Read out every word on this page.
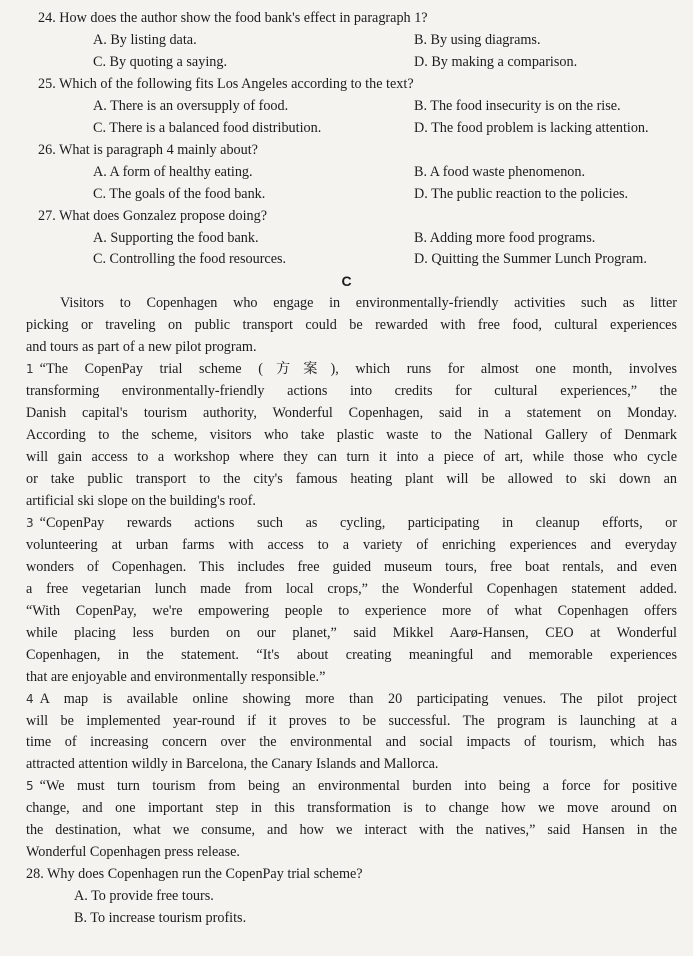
24. How does the author show the food bank's effect in paragraph 1?
A. By listing data.	B. By using diagrams.
C. By quoting a saying.	D. By making a comparison.
25. Which of the following fits Los Angeles according to the text?
A. There is an oversupply of food.	B. The food insecurity is on the rise.
C. There is a balanced food distribution.	D. The food problem is lacking attention.
26. What is paragraph 4 mainly about?
A. A form of healthy eating.	B. A food waste phenomenon.
C. The goals of the food bank.	D. The public reaction to the policies.
27. What does Gonzalez propose doing?
A. Supporting the food bank.	B. Adding more food programs.
C. Controlling the food resources.	D. Quitting the Summer Lunch Program.
C
Visitors to Copenhagen who engage in environmentally-friendly activities such as litter
picking or traveling on public transport could be rewarded with free food, cultural experiences
and tours as part of a new pilot program.
1 “The CopenPay trial scheme (方案), which runs for almost one month, involves
transforming environmentally-friendly actions into credits for cultural experiences,” the
Danish capital's tourism authority, Wonderful Copenhagen, said in a statement on Monday.
According to the scheme, visitors who take plastic waste to the National Gallery of Denmark
will gain access to a workshop where they can turn it into a piece of art, while those who cycle
or take public transport to the city's famous heating plant will be allowed to ski down an
artificial ski slope on the building's roof.
3 “CopenPay rewards actions such as cycling, participating in cleanup efforts, or
volunteering at urban farms with access to a variety of enriching experiences and everyday
wonders of Copenhagen. This includes free guided museum tours, free boat rentals, and even
a free vegetarian lunch made from local crops,” the Wonderful Copenhagen statement added.
“With CopenPay, we're empowering people to experience more of what Copenhagen offers
while placing less burden on our planet,” said Mikkel Aarø-Hansen, CEO at Wonderful
Copenhagen, in the statement. “It's about creating meaningful and memorable experiences
that are enjoyable and environmentally responsible.”
4 A map is available online showing more than 20 participating venues. The pilot project
will be implemented year-round if it proves to be successful. The program is launching at a
time of increasing concern over the environmental and social impacts of tourism, which has
attracted attention wildly in Barcelona, the Canary Islands and Mallorca.
5 “We must turn tourism from being an environmental burden into being a force for positive
change, and one important step in this transformation is to change how we move around on
the destination, what we consume, and how we interact with the natives,” said Hansen in the
Wonderful Copenhagen press release.
28. Why does Copenhagen run the CopenPay trial scheme?
A. To provide free tours.
B. To increase tourism profits.
